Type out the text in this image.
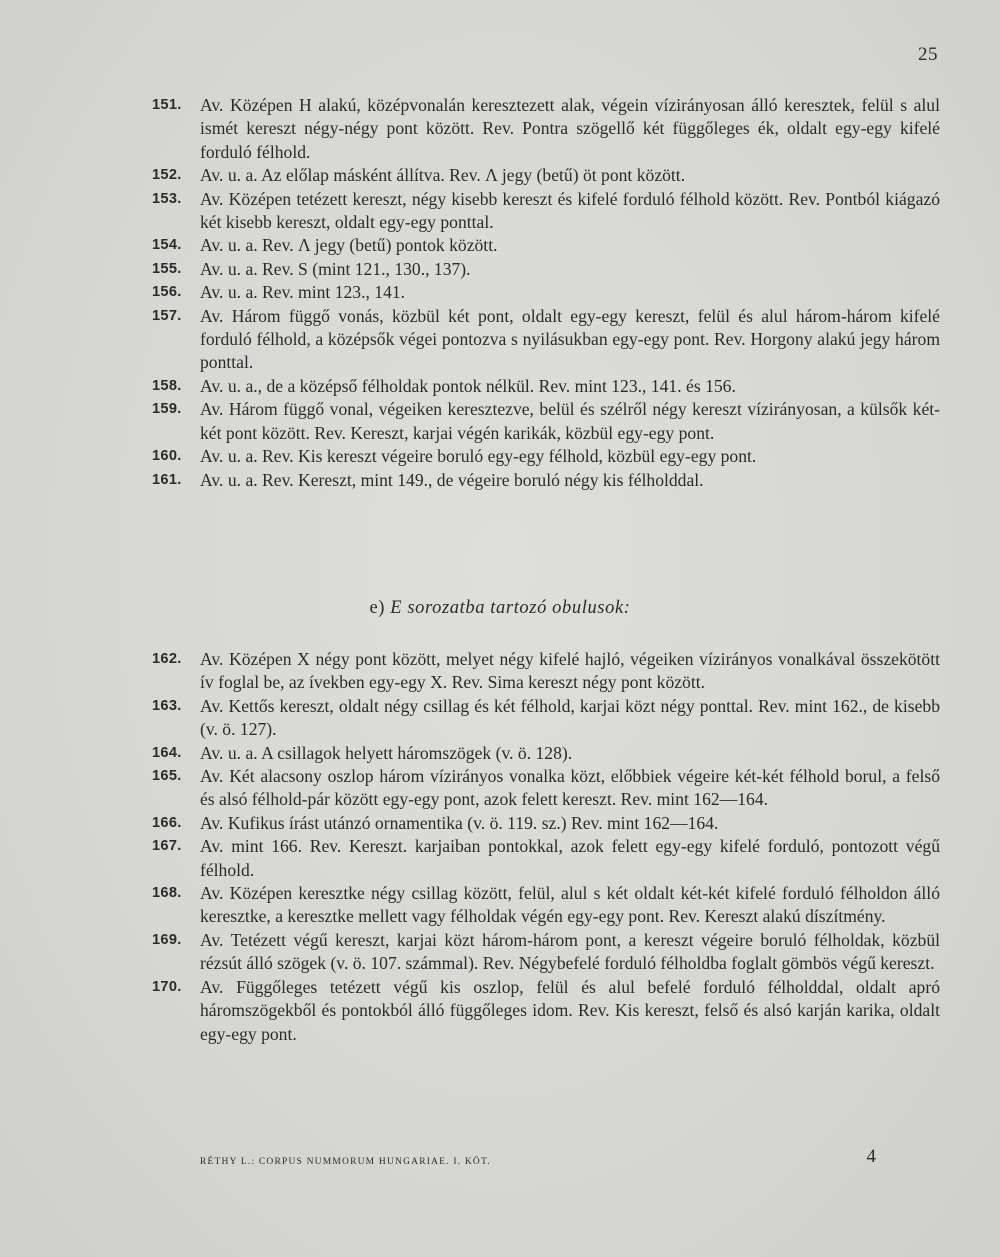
25
151. Av. Középen H alakú, középvonalán keresztezett alak, végein vízirányosan álló keresztek, felül s alul ismét kereszt négy-négy pont között. Rev. Pontra szögellő két függőleges ék, oldalt egy-egy kifelé forduló félhold.
152. Av. u. a. Az előlap másként állítva. Rev. Λ jegy (betű) öt pont között.
153. Av. Középen tetézett kereszt, négy kisebb kereszt és kifelé forduló félhold között. Rev. Pontból kiágazó két kisebb kereszt, oldalt egy-egy ponttal.
154. Av. u. a. Rev. Λ jegy (betű) pontok között.
155. Av. u. a. Rev. S (mint 121., 130., 137).
156. Av. u. a. Rev. mint 123., 141.
157. Av. Három függő vonás, közbül két pont, oldalt egy-egy kereszt, felül és alul három-három kifelé forduló félhold, a középsők végei pontozva s nyilásukban egy-egy pont. Rev. Horgony alakú jegy három ponttal.
158. Av. u. a., de a középső félholdak pontok nélkül. Rev. mint 123., 141. és 156.
159. Av. Három függő vonal, végeiken keresztezve, belül és szélről négy kereszt vízirányosan, a külsők két-két pont között. Rev. Kereszt, karjai végén karikák, közbül egy-egy pont.
160. Av. u. a. Rev. Kis kereszt végeire boruló egy-egy félhold, közbül egy-egy pont.
161. Av. u. a. Rev. Kereszt, mint 149., de végeire boruló négy kis félholddal.
e) E sorozatba tartozó obulusok:
162. Av. Középen X négy pont között, melyet négy kifelé hajló, végeiken vízirányos vonalkával összekötött ív foglal be, az ívekben egy-egy X. Rev. Sima kereszt négy pont között.
163. Av. Kettős kereszt, oldalt négy csillag és két félhold, karjai közt négy ponttal. Rev. mint 162., de kisebb (v. ö. 127).
164. Av. u. a. A csillagok helyett háromszögek (v. ö. 128).
165. Av. Két alacsony oszlop három vízirányos vonalka közt, előbbiek végeire két-két félhold borul, a felső és alsó félhold-pár között egy-egy pont, azok felett kereszt. Rev. mint 162—164.
166. Av. Kufikus írást utánzó ornamentika (v. ö. 119. sz.) Rev. mint 162—164.
167. Av. mint 166. Rev. Kereszt. karjaiban pontokkal, azok felett egy-egy kifelé forduló, pontozott végű félhold.
168. Av. Középen keresztke négy csillag között, felül, alul s két oldalt két-két kifelé forduló félholdon álló keresztke, a keresztke mellett vagy félholdak végén egy-egy pont. Rev. Kereszt alakú díszítmény.
169. Av. Tetézett végű kereszt, karjai közt három-három pont, a kereszt végeire boruló félholdak, közbül rézsút álló szögek (v. ö. 107. számmal). Rev. Négybefelé forduló félholdba foglalt gömbös végű kereszt.
170. Av. Függőleges tetézett végű kis oszlop, felül és alul befelé forduló félholddal, oldalt apró háromszögekből és pontokból álló függőleges idom. Rev. Kis kereszt, felső és alsó karján karika, oldalt egy-egy pont.
RÉTHY L.: CORPUS NUMMORUM HUNGARIAE. I. KÖT.	4
